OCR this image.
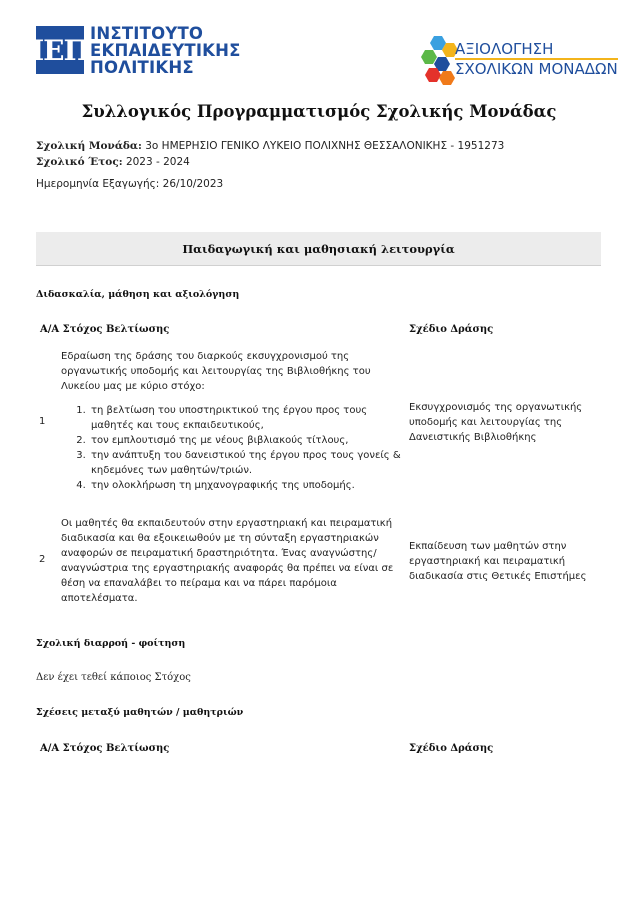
ΙΕΠ
ΙΝΣΤΙΤΟΥΤΟ
ΕΚΠΑΙΔΕΥΤΙΚΗΣ
ΠΟΛΙΤΙΚΗΣ
ΑΞΙΟΛΟΓΗΣΗ
ΣΧΟΛΙΚΩΝ ΜΟΝΑΔΩΝ
Συλλογικός Προγραμματισμός Σχολικής Μονάδας
Σχολική Μονάδα: 3ο ΗΜΕΡΗΣΙΟ ΓΕΝΙΚΟ ΛΥΚΕΙΟ ΠΟΛΙΧΝΗΣ ΘΕΣΣΑΛΟΝΙΚΗΣ - 1951273
Σχολικό Έτος: 2023 - 2024
Ημερομηνία Εξαγωγής: 26/10/2023
Παιδαγωγική και μαθησιακή λειτουργία
Διδασκαλία, μάθηση και αξιολόγηση
Α/Α Στόχος Βελτίωσης	Σχέδιο Δράσης
1
Εδραίωση της δράσης του διαρκούς εκσυγχρονισμού της οργανωτικής υποδομής και λειτουργίας της Βιβλιοθήκης του Λυκείου μας με κύριο στόχο:
1. τη βελτίωση του υποστηρικτικού της έργου προς τους μαθητές και τους εκπαιδευτικούς,
2. τον εμπλουτισμό της με νέους βιβλιακούς τίτλους,
3. την ανάπτυξη του δανειστικού της έργου προς τους γονείς & κηδεμόνες των μαθητών/τριών.
4. την ολοκλήρωση τη μηχανογραφικής της υποδομής.
Εκσυγχρονισμός της οργανωτικής υποδομής και λειτουργίας της Δανειστικής Βιβλιοθήκης
2
Οι μαθητές θα εκπαιδευτούν στην εργαστηριακή και πειραματική διαδικασία και θα εξοικειωθούν με τη σύνταξη εργαστηριακών αναφορών σε πειραματική δραστηριότητα. Ένας αναγνώστης/ αναγνώστρια της εργαστηριακής αναφοράς θα πρέπει να είναι σε θέση να επαναλάβει το πείραμα και να πάρει παρόμοια αποτελέσματα.
Εκπαίδευση των μαθητών στην εργαστηριακή και πειραματική διαδικασία στις Θετικές Επιστήμες
Σχολική διαρροή - φοίτηση
Δεν έχει τεθεί κάποιος Στόχος
Σχέσεις μεταξύ μαθητών / μαθητριών
Α/Α Στόχος Βελτίωσης	Σχέδιο Δράσης
